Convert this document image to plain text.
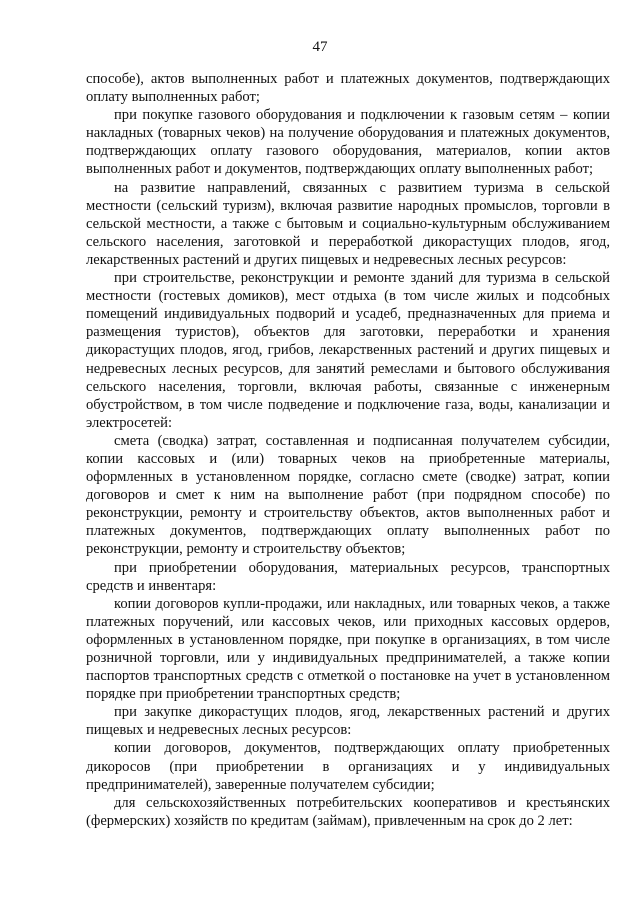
47

способе), актов выполненных работ и платежных документов, подтверждающих оплату выполненных работ;

при покупке газового оборудования и подключении к газовым сетям – копии накладных (товарных чеков) на получение оборудования и платежных документов, подтверждающих оплату газового оборудования, материалов, копии актов выполненных работ и документов, подтверждающих оплату выполненных работ;

на развитие направлений, связанных с развитием туризма в сельской местности (сельский туризм), включая развитие народных промыслов, торговли в сельской местности, а также с бытовым и социально-культурным обслуживанием сельского населения, заготовкой и переработкой дикорастущих плодов, ягод, лекарственных растений и других пищевых и недревесных лесных ресурсов:

при строительстве, реконструкции и ремонте зданий для туризма в сельской местности (гостевых домиков), мест отдыха (в том числе жилых и подсобных помещений индивидуальных подворий и усадеб, предназначенных для приема и размещения туристов), объектов для заготовки, переработки и хранения дикорастущих плодов, ягод, грибов, лекарственных растений и других пищевых и недревесных лесных ресурсов, для занятий ремеслами и бытового обслуживания сельского населения, торговли, включая работы, связанные с инженерным обустройством, в том числе подведение и подключение газа, воды, канализации и электросетей:

смета (сводка) затрат, составленная и подписанная получателем субсидии, копии кассовых и (или) товарных чеков на приобретенные материалы, оформленных в установленном порядке, согласно смете (сводке) затрат, копии договоров и смет к ним на выполнение работ (при подрядном способе) по реконструкции, ремонту и строительству объектов, актов выполненных работ и платежных документов, подтверждающих оплату выполненных работ по реконструкции, ремонту и строительству объектов;

при приобретении оборудования, материальных ресурсов, транспортных средств и инвентаря:

копии договоров купли-продажи, или накладных, или товарных чеков, а также платежных поручений, или кассовых чеков, или приходных кассовых ордеров, оформленных в установленном порядке, при покупке в организациях, в том числе розничной торговли, или у индивидуальных предпринимателей, а также копии паспортов транспортных средств с отметкой о постановке на учет в установленном порядке при приобретении транспортных средств;

при закупке дикорастущих плодов, ягод, лекарственных растений и других пищевых и недревесных лесных ресурсов:

копии договоров, документов, подтверждающих оплату приобретенных дикоросов (при приобретении в организациях и у индивидуальных предпринимателей), заверенные получателем субсидии;

для сельскохозяйственных потребительских кооперативов и крестьянских (фермерских) хозяйств по кредитам (займам), привлеченным на срок до 2 лет:
